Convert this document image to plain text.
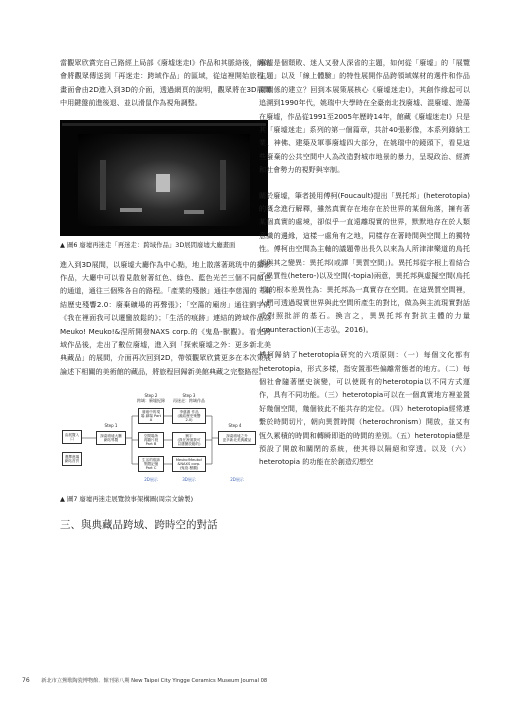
當觀眾欣賞完自己路經上局部《廢墟迷走I》作品和其脈絡後，網站會將觀眾傳送到「再迷走：跨域作品」的區域，從這裡開始旅程，畫面會由2D進入到3D的介面，透過網頁的說明，觀眾將在3D展間中用鍵盤前進後退、並以滑鼠作為視角調整。

▲ 圖6 廢墟再迷走「再迷走：跨域作品」3D展間廢墟大廳畫面

進入到3D展間，以廢墟大廳作為中心點，地上散落著珧珖中的攝影作品，大廳中可以看見散射著紅色、綠色、藍色光芒三個不同顏色的通道，通往三個殊各自的路程。「產業的殘骸」通往李慈湄的《凝結歷史殘響2.0：廢棄礦場的再聲張》；「空蕩的廟房」通往劉宇的《我在裡面我可以遷蠻放鬆的》；「生活的痕跡」連結的跨域作品為Meuko! Meuko!&涅所開發NAXS corp.的《鬼島-獸觀》。看完跨域作品後，走出了數位廢墟，進入到「探索廢墟之外：更多新北美典藏品」的展間，介面再次回到2D，帶領觀眾欣賞更多在本次策展論述下相關的美術館的藏品，將旅程回歸新美館典藏之完整路徑。

Step 1
Step 2
跨域：廢墟紀錄
Step 3
再迷走：跨域作品
Step 4
由展覽入口
選擇進場
網站首頁
探索廢墟大廳
網站導覽
廢墟中的現
場 劇場 Part A
空間場所
再聽片段
Part B
生活的痕跡
集體記憶
Part C
李慈湄 作品
(凝結歷史殘響
2.0)
劉宇
(我在裡面我可
以遷蠻放鬆的)
Meuko!Meuko!
&NAXS corp.
(鬼島-獸觀)
探索廢墟之外
更多新北美典藏品
2D展示	3D展示	2D展示
▲ 圖7 廢墟再迷走展覽敘事架構圖(周宗文繪製)
三、與典藏品跨域、跨時空的對話

廢墟是個頹敗、迷人又發人深省的主題，如何從「廢墟」的「展覽主題」以及「線上體驗」的特性展開作品跨領域媒材的選件和作品間關係的建立？回到本展策展核心《廢墟迷走I》，其創作緣起可以追溯到1990年代，姚瑞中大學時在全臺南北找廢墟、混廢墟、遊蕩在廢墟，作品從1991至2005年歷時14年，館藏《廢墟迷走I》只是其「廢墟迷走」系列的第一個篇章，共計40張影像，本系列錄納工業、神佛、建築及軍事廢墟四大部分，在姚瑞中的鏡頭下，看見這些廢棄的公共空間中人為改造對城市地景的暴力，呈現政治、經濟和社會勢力的視野與宰制。

關於廢墟，筆者援用傅柯(Foucault)提出「異托邦」(heterotopia)的概念進行解釋，雖然真實存在地存在於世界的某個角落，擁有著某個真實的處境，卻似乎一直遠離現實的世界，默默地存在於人類意識的邊緣，這樣一處角有之地，同樣存在著時間與空間上的獨特性。傅柯由空間為主軸的議題帶出長久以來為人所津津樂道的烏托邦與其之變異：異托邦(或譯「異質空間」)。異托邦從字根上看結合了異質性(hetero-)以及空間(-topia)兩意，異托邦與虛擬空間(烏托邦)的根本差異性為：異托邦為一真實存在空間。在這異質空間裡，人們可透過現實世界與此空間所產生的對比，做為與主流現實對話或對照批評的基石。換言之，異異托邦有對抗主體的力量(counteraction)(王志弘，2016)。

傅柯歸納了heterotopia研究的六項原則：（一）每個文化都有heterotopia，形式多樣，指安置那些偏離常態者的地方。（二）每個社會隨著歷史演變，可以使既有的heterotopia以不同方式運作，具有不同功能。（三）heterotopia可以在一個真實地方裡並置好幾個空間，幾個彼此不能共存的定位。（四）heterotopia經常連繫於時間切片，朝向異質時間（heterochronism）開放，並又有恆久累積的時間和轉瞬即逝的時間的差別。（五）heterotopia總是預設了開啟和關閉的系統，使其得以隔絕和穿透。以及（六）heterotopia 的功能在於創造幻想空

76 新北市立鶯歌陶瓷博物館．館刊第八期 New Taipei City Yingge Ceramics Museum Journal 08
